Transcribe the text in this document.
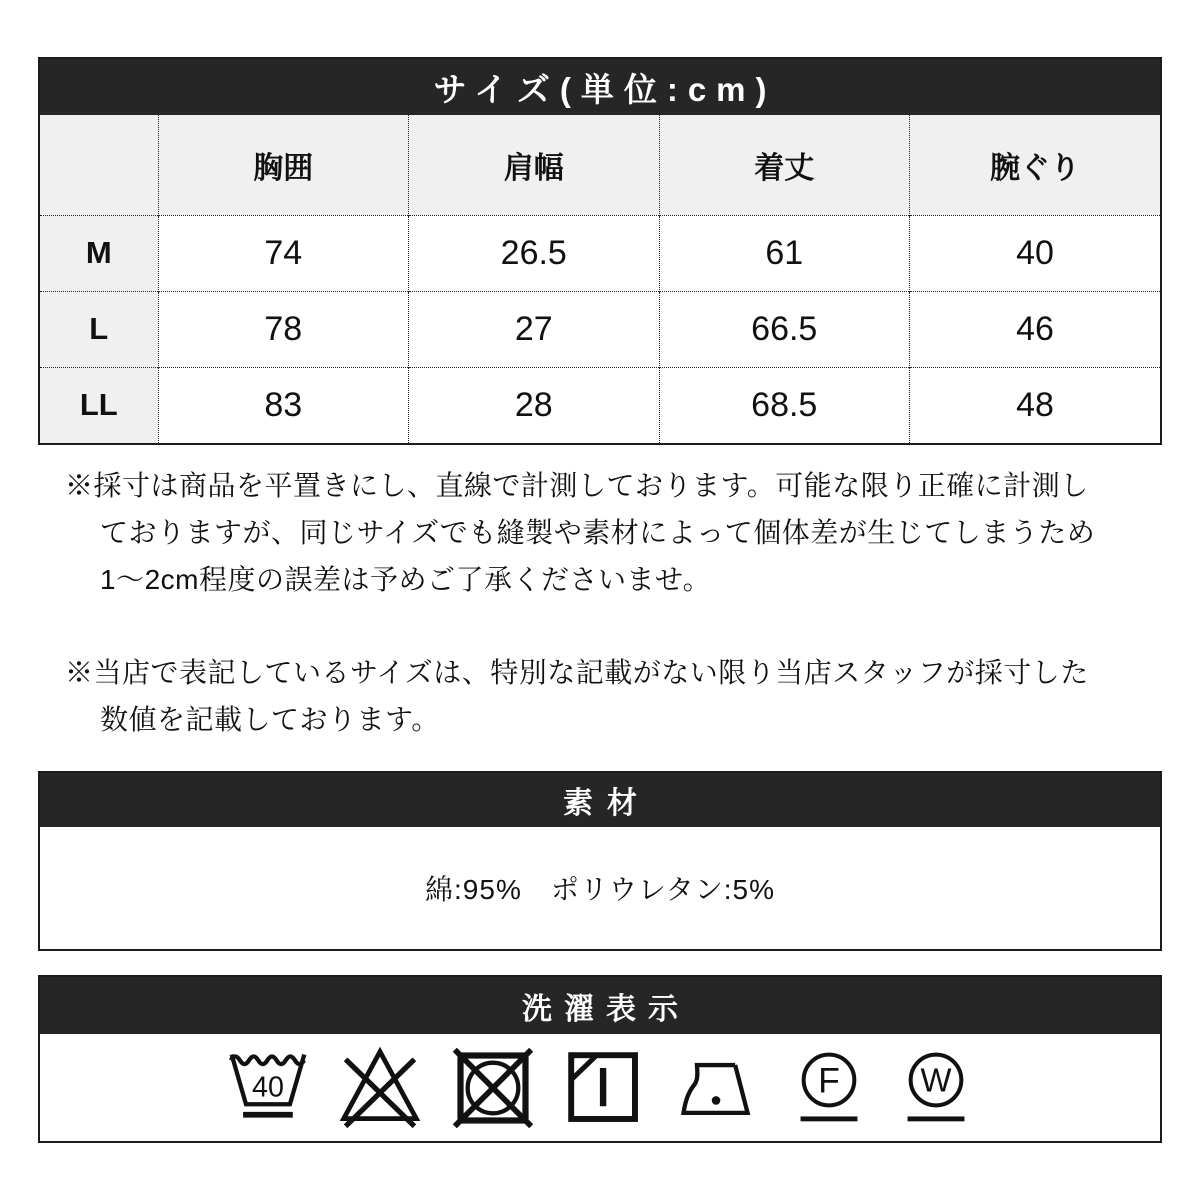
サイズ(単位:cm)
	胸囲	肩幅	着丈	腕ぐり
M	74	26.5	61	40
L	78	27	66.5	46
LL	83	28	68.5	48
※採寸は商品を平置きにし、直線で計測しております。可能な限り正確に計測し
ておりますが、同じサイズでも縫製や素材によって個体差が生じてしまうため
1〜2cm程度の誤差は予めご了承くださいませ。
※当店で表記しているサイズは、特別な記載がない限り当店スタッフが採寸した
数値を記載しております。
素材
綿:95%　ポリウレタン:5%
洗濯表示
40	F W
